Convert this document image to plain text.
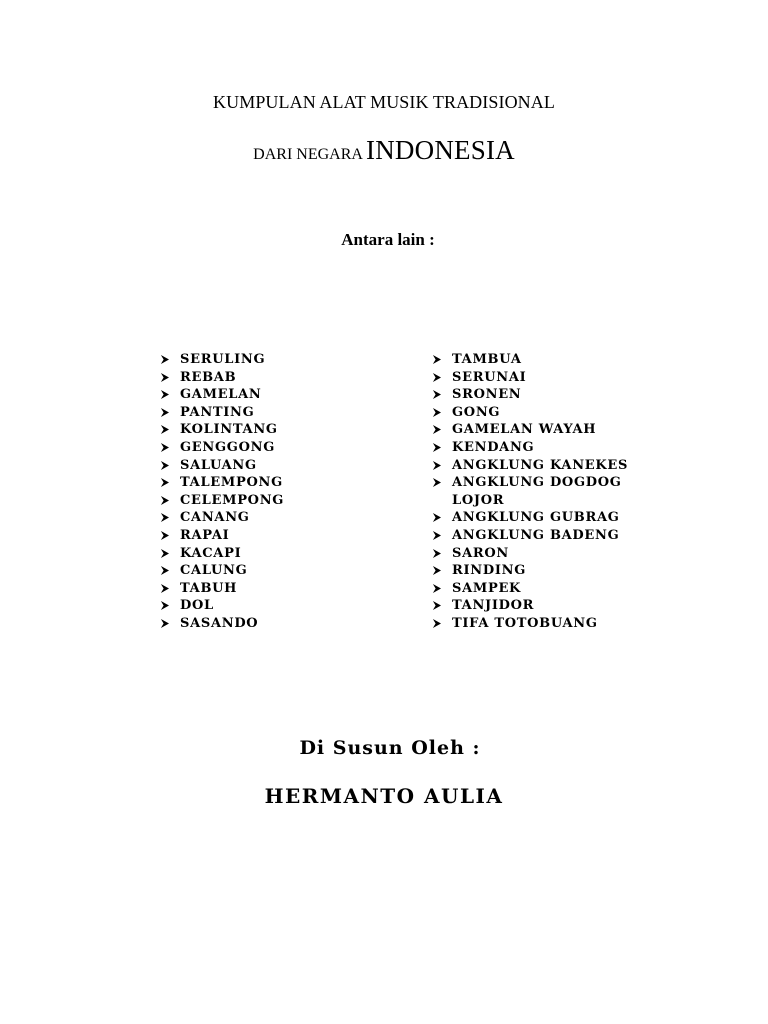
KUMPULAN ALAT MUSIK TRADISIONAL
DARI NEGARA INDONESIA
Antara lain :
SERULING
REBAB
GAMELAN
PANTING
KOLINTANG
GENGGONG
SALUANG
TALEMPONG
CELEMPONG
CANANG
RAPAI
KACAPI
CALUNG
TABUH
DOL
SASANDO
TAMBUA
SERUNAI
SRONEN
GONG
GAMELAN WAYAH
KENDANG
ANGKLUNG KANEKES
ANGKLUNG DOGDOG LOJOR
ANGKLUNG GUBRAG
ANGKLUNG BADENG
SARON
RINDING
SAMPEK
TANJIDOR
TIFA TOTOBUANG
Di Susun Oleh :
HERMANTO AULIA
